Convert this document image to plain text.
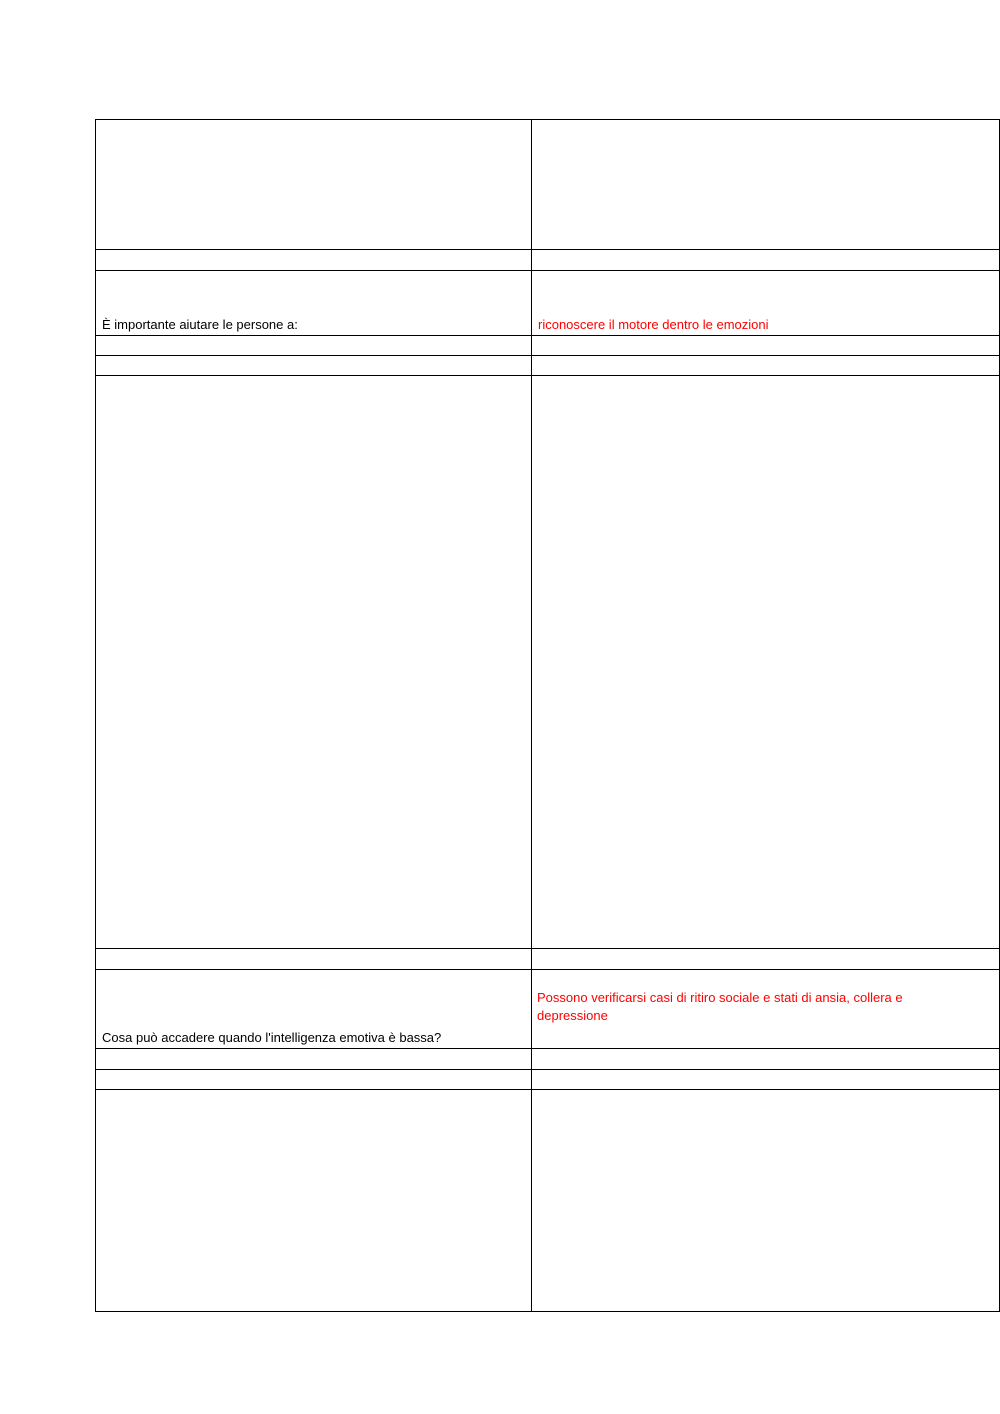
È importante aiutare le persone a:	riconoscere il motore dentro le emozioni

Cosa può accadere quando l'intelligenza emotiva è bassa?	Possono verificarsi casi di ritiro sociale e stati di ansia, collera e depressione
